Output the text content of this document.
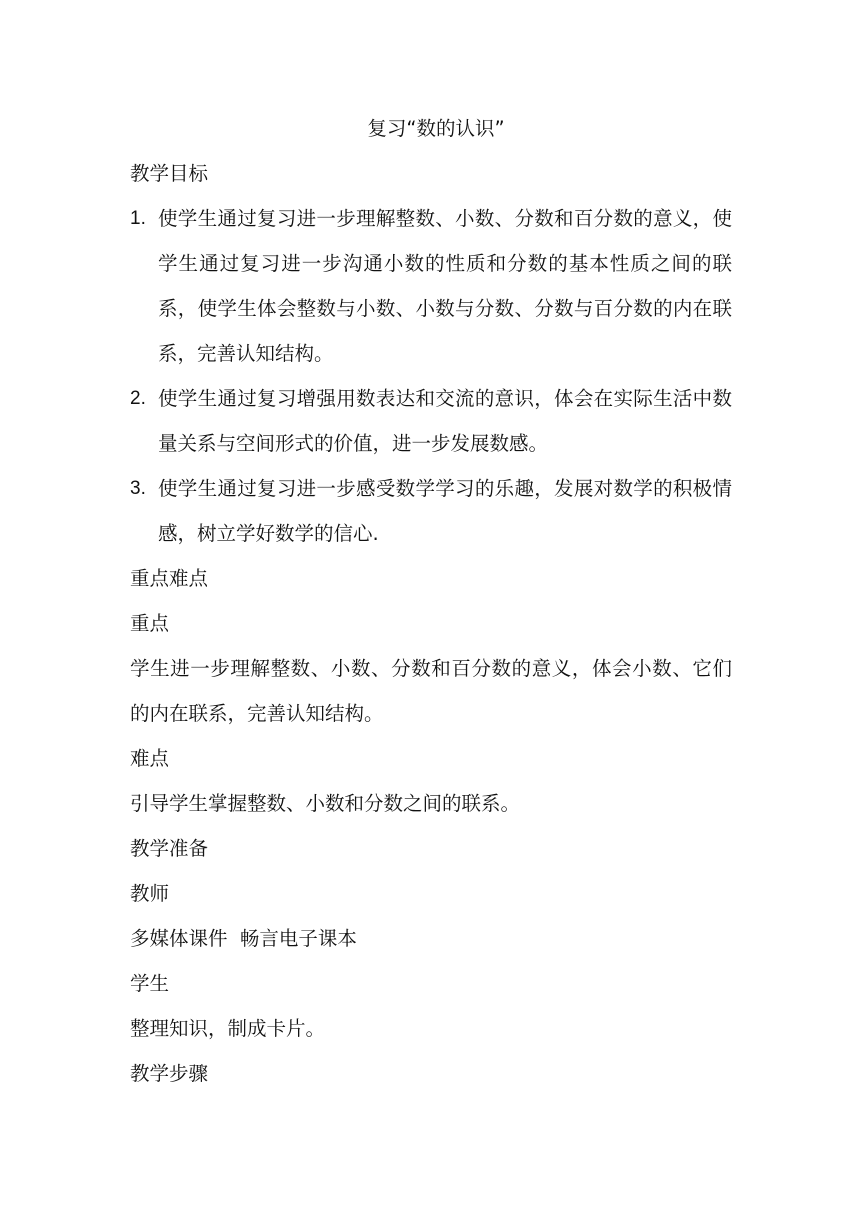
复习“数的认识”

教学目标

1. 使学生通过复习进一步理解整数、小数、分数和百分数的意义，使学生通过复习进一步沟通小数的性质和分数的基本性质之间的联系，使学生体会整数与小数、小数与分数、分数与百分数的内在联系，完善认知结构。
2. 使学生通过复习增强用数表达和交流的意识，体会在实际生活中数量关系与空间形式的价值，进一步发展数感。
3. 使学生通过复习进一步感受数学学习的乐趣，发展对数学的积极情感，树立学好数学的信心.

重点难点

重点

学生进一步理解整数、小数、分数和百分数的意义，体会小数、它们的内在联系，完善认知结构。

难点

引导学生掌握整数、小数和分数之间的联系。

教学准备

教师

多媒体课件  畅言电子课本

学生

整理知识，制成卡片。

教学步骤
